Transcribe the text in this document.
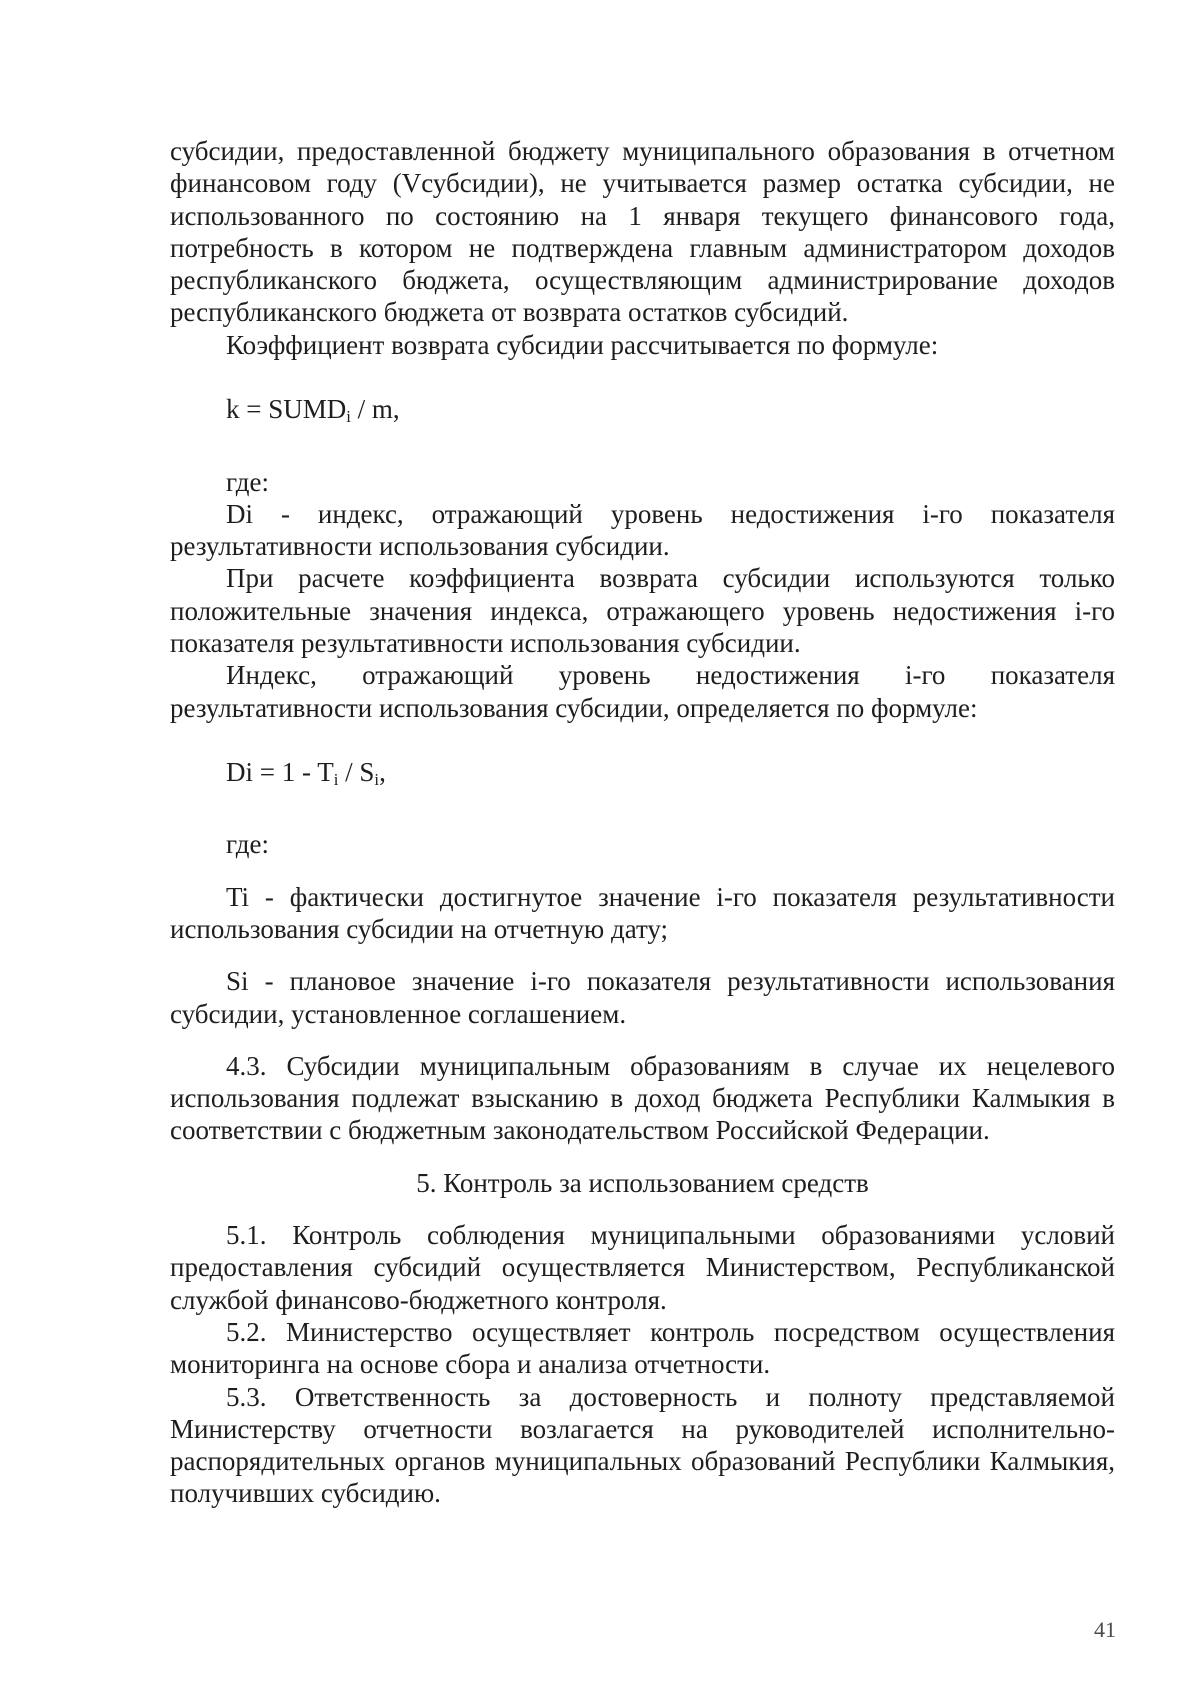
субсидии, предоставленной бюджету муниципального образования в отчетном финансовом году (Vсубсидии), не учитывается размер остатка субсидии, не использованного по состоянию на 1 января текущего финансового года, потребность в котором не подтверждена главным администратором доходов республиканского бюджета, осуществляющим администрирование доходов республиканского бюджета от возврата остатков субсидий.

Коэффициент возврата субсидии рассчитывается по формуле:

$k = SUMD_i / m$,

где:

Di - индекс, отражающий уровень недостижения i-го показателя результативности использования субсидии.

При расчете коэффициента возврата субсидии используются только положительные значения индекса, отражающего уровень недостижения i-го показателя результативности использования субсидии.

Индекс, отражающий уровень недостижения i-го показателя результативности использования субсидии, определяется по формуле:

$Di = 1 - T_i / S_i$,

где:

Ti - фактически достигнутое значение i-го показателя результативности использования субсидии на отчетную дату;

Si - плановое значение i-го показателя результативности использования субсидии, установленное соглашением.

4.3. Субсидии муниципальным образованиям в случае их нецелевого использования подлежат взысканию в доход бюджета Республики Калмыкия в соответствии с бюджетным законодательством Российской Федерации.

5. Контроль за использованием средств

5.1. Контроль соблюдения муниципальными образованиями условий предоставления субсидий осуществляется Министерством, Республиканской службой финансово-бюджетного контроля.

5.2. Министерство осуществляет контроль посредством осуществления мониторинга на основе сбора и анализа отчетности.

5.3. Ответственность за достоверность и полноту представляемой Министерству отчетности возлагается на руководителей исполнительно-распорядительных органов муниципальных образований Республики Калмыкия, получивших субсидию.

41
